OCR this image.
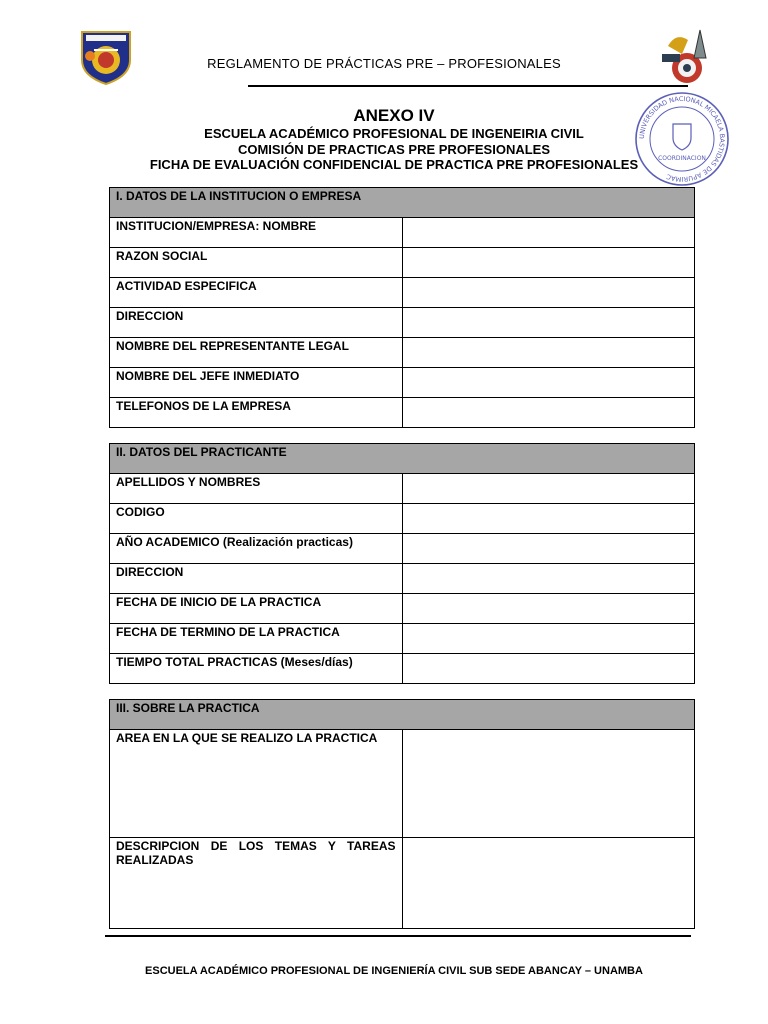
REGLAMENTO DE PRÁCTICAS PRE – PROFESIONALES
UNIVERSIDAD NACIONAL MICAELA BASTIDAS DE APURIMAC
COORDINACION
ANEXO IV
ESCUELA ACADÉMICO PROFESIONAL DE INGENEIRIA CIVIL
COMISIÓN DE PRACTICAS PRE PROFESIONALES
FICHA DE EVALUACIÓN CONFIDENCIAL DE PRACTICA PRE PROFESIONALES
I. DATOS DE LA INSTITUCION O EMPRESA	
INSTITUCION/EMPRESA: NOMBRE	
RAZON SOCIAL	
ACTIVIDAD ESPECIFICA	
DIRECCION	
NOMBRE DEL REPRESENTANTE LEGAL	
NOMBRE DEL JEFE INMEDIATO	
TELEFONOS DE LA EMPRESA	
II. DATOS DEL PRACTICANTE	
APELLIDOS Y NOMBRES	
CODIGO	
AÑO ACADEMICO (Realización practicas)	
DIRECCION	
FECHA DE INICIO DE LA PRACTICA	
FECHA DE TERMINO DE LA PRACTICA	
TIEMPO TOTAL PRACTICAS (Meses/días)	
III. SOBRE LA PRACTICA	
AREA EN LA QUE SE REALIZO LA PRACTICA	
DESCRIPCION DE LOS TEMAS Y TAREAS REALIZADAS	
ESCUELA ACADÉMICO PROFESIONAL DE INGENIERÍA CIVIL SUB SEDE ABANCAY – UNAMBA
